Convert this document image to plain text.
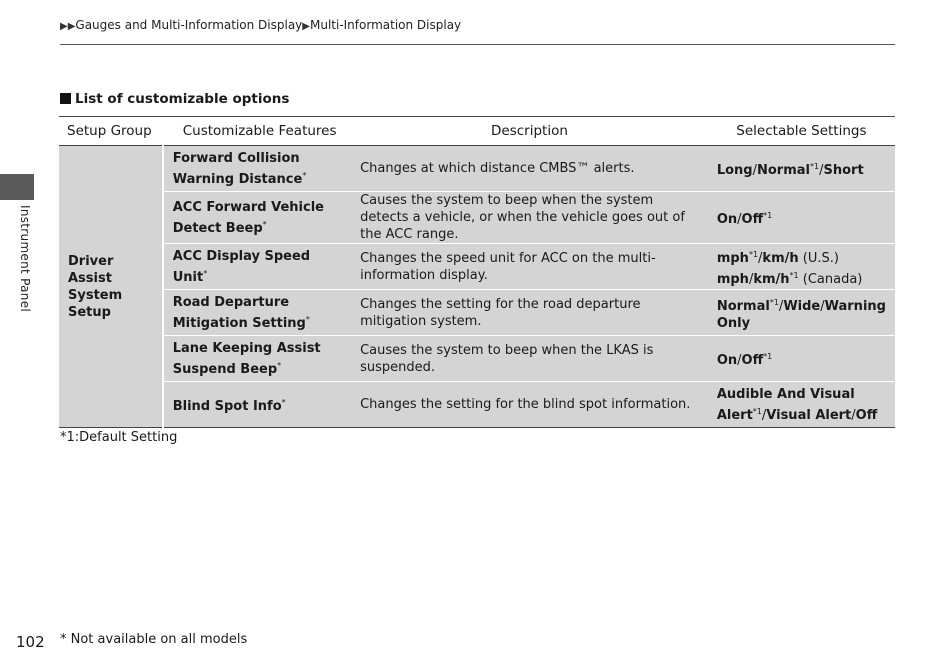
▶▶Gauges and Multi-Information Display▶Multi-Information Display
Instrument Panel
List of customizable options
Setup Group	Customizable Features	Description	Selectable Settings
Driver Assist System Setup	Forward Collision Warning Distance*	Changes at which distance CMBS™ alerts.	Long/Normal$^{*1}$/Short
	ACC Forward Vehicle Detect Beep*	Causes the system to beep when the system detects a vehicle, or when the vehicle goes out of the ACC range.	On/Off$^{*1}$
	ACC Display Speed Unit*	Changes the speed unit for ACC on the multi-information display.	mph$^{*1}$/km/h (U.S.)
mph/$km/h^{*1}$ (Canada)
	Road Departure Mitigation Setting*	Changes the setting for the road departure mitigation system.	Normal$^{*1}$/Wide/Warning Only
	Lane Keeping Assist Suspend Beep*	Causes the system to beep when the LKAS is suspended.	On/Off$^{*1}$
	Blind Spot Info*	Changes the setting for the blind spot information.	Audible And Visual Alert$^{*1}$/Visual Alert/Off
*1:Default Setting
102 * Not available on all models
